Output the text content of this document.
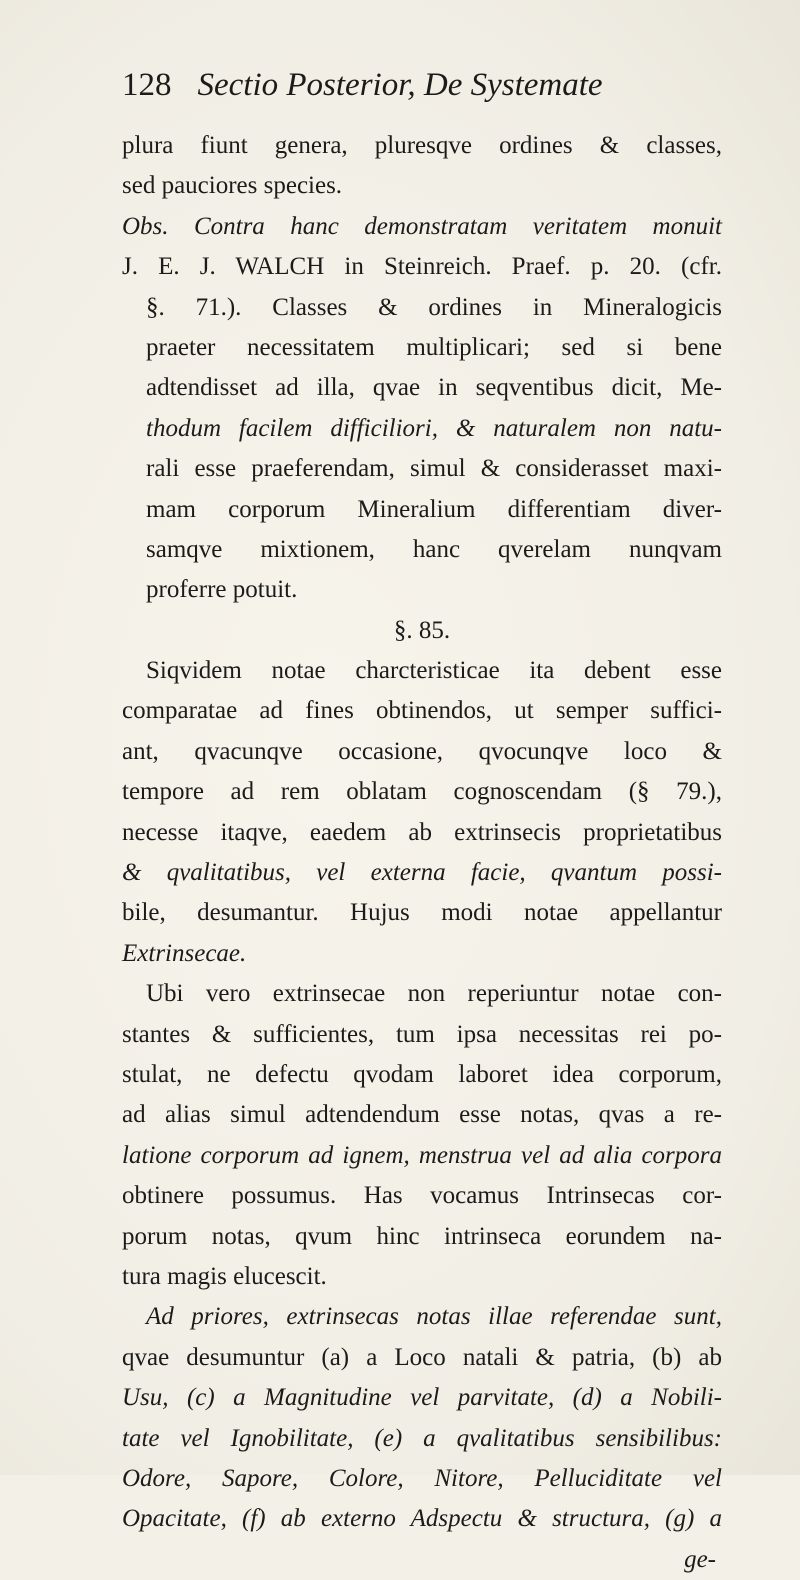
128 Sectio Posterior, De Systemate
plura fiunt genera, pluresqve ordines & classes,
sed pauciores species.
Obs. Contra hanc demonstratam veritatem monuit
J. E. J. WALCH in Steinreich. Praef. p. 20. (cfr.
§. 71.). Classes & ordines in Mineralogicis
praeter necessitatem multiplicari; sed si bene
adtendisset ad illa, qvae in seqventibus dicit, Me-
thodum facilem difficiliori, & naturalem non natu-
rali esse praeferendam, simul & considerasset maxi-
mam corporum Mineralium differentiam diver-
samqve mixtionem, hanc qverelam nunqvam
proferre potuit.
§. 85.
Siqvidem notae charcteristicae ita debent esse
comparatae ad fines obtinendos, ut semper suffici-
ant, qvacunqve occasione, qvocunqve loco &
tempore ad rem oblatam cognoscendam (§ 79.),
necesse itaqve, eaedem ab extrinsecis proprietatibus
& qvalitatibus, vel externa facie, qvantum possi-
bile, desumantur. Hujus modi notae appellantur
Extrinsecae.
Ubi vero extrinsecae non reperiuntur notae con-
stantes & sufficientes, tum ipsa necessitas rei po-
stulat, ne defectu qvodam laboret idea corporum,
ad alias simul adtendendum esse notas, qvas a re-
latione corporum ad ignem, menstrua vel ad alia corpora
obtinere possumus. Has vocamus Intrinsecas cor-
porum notas, qvum hinc intrinseca eorundem na-
tura magis elucescit.
Ad priores, extrinsecas notas illae referendae sunt,
qvae desumuntur (a) a Loco natali & patria, (b) ab
Usu, (c) a Magnitudine vel parvitate, (d) a Nobili-
tate vel Ignobilitate, (e) a qvalitatibus sensibilibus:
Odore, Sapore, Colore, Nitore, Pelluciditate vel
Opacitate, (f) ab externo Adspectu & structura, (g) a
ge-
